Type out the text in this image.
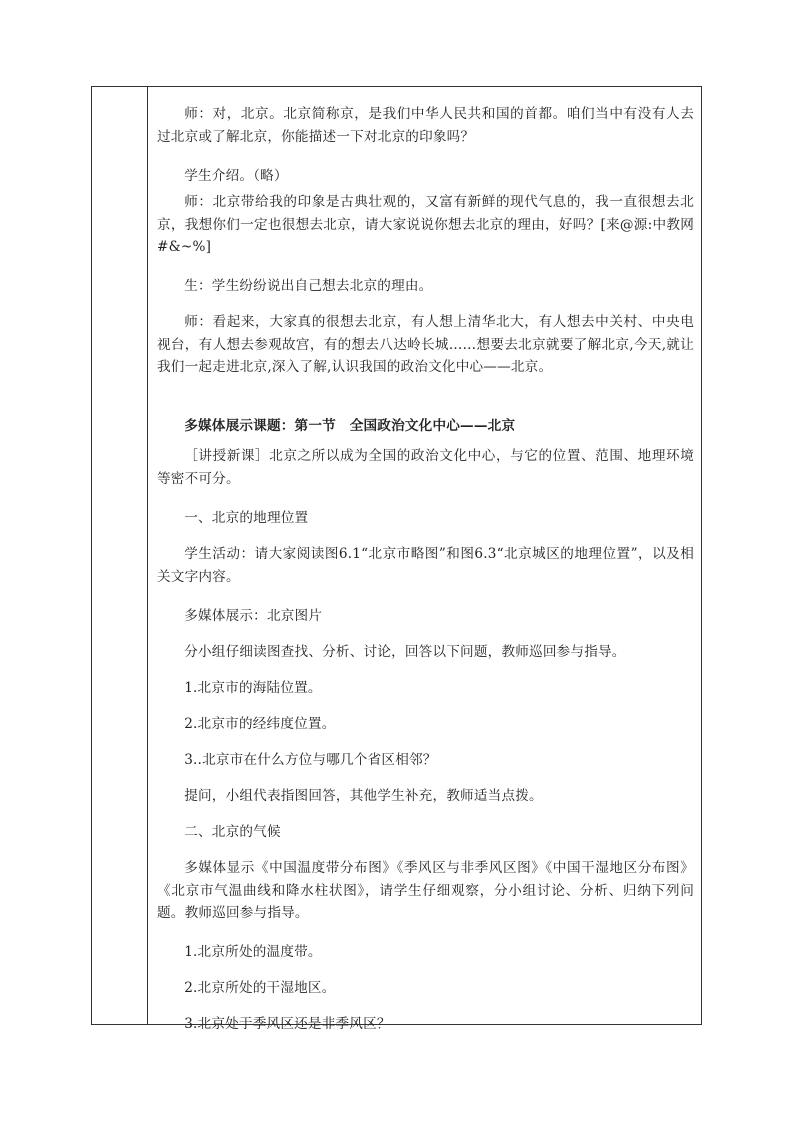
师：对，北京。北京简称京，是我们中华人民共和国的首都。咱们当中有没有人去过北京或了解北京，你能描述一下对北京的印象吗？

学生介绍。（略）

师：北京带给我的印象是古典壮观的，又富有新鲜的现代气息的，我一直很想去北京，我想你们一定也很想去北京，请大家说说你想去北京的理由，好吗？[来@源:中教网#&~%]

生：学生纷纷说出自己想去北京的理由。

师：看起来，大家真的很想去北京，有人想上清华北大，有人想去中关村、中央电视台，有人想去参观故宫，有的想去八达岭长城……想要去北京就要了解北京,今天,就让我们一起走进北京,深入了解,认识我国的政治文化中心——北京。

多媒体展示课题：第一节　全国政治文化中心——北京

［讲授新课］北京之所以成为全国的政治文化中心，与它的位置、范围、地理环境等密不可分。

一、北京的地理位置

学生活动：请大家阅读图6.1“北京市略图”和图6.3“北京城区的地理位置”，以及相关文字内容。

多媒体展示：北京图片

分小组仔细读图查找、分析、讨论，回答以下问题，教师巡回参与指导。

1.北京市的海陆位置。

2.北京市的经纬度位置。

3..北京市在什么方位与哪几个省区相邻？

提问，小组代表指图回答，其他学生补充，教师适当点拨。

二、北京的气候

多媒体显示《中国温度带分布图》《季风区与非季风区图》《中国干湿地区分布图》《北京市气温曲线和降水柱状图》，请学生仔细观察，分小组讨论、分析、归纳下列问题。教师巡回参与指导。

1.北京所处的温度带。

2.北京所处的干湿地区。

3.北京处于季风区还是非季风区？
